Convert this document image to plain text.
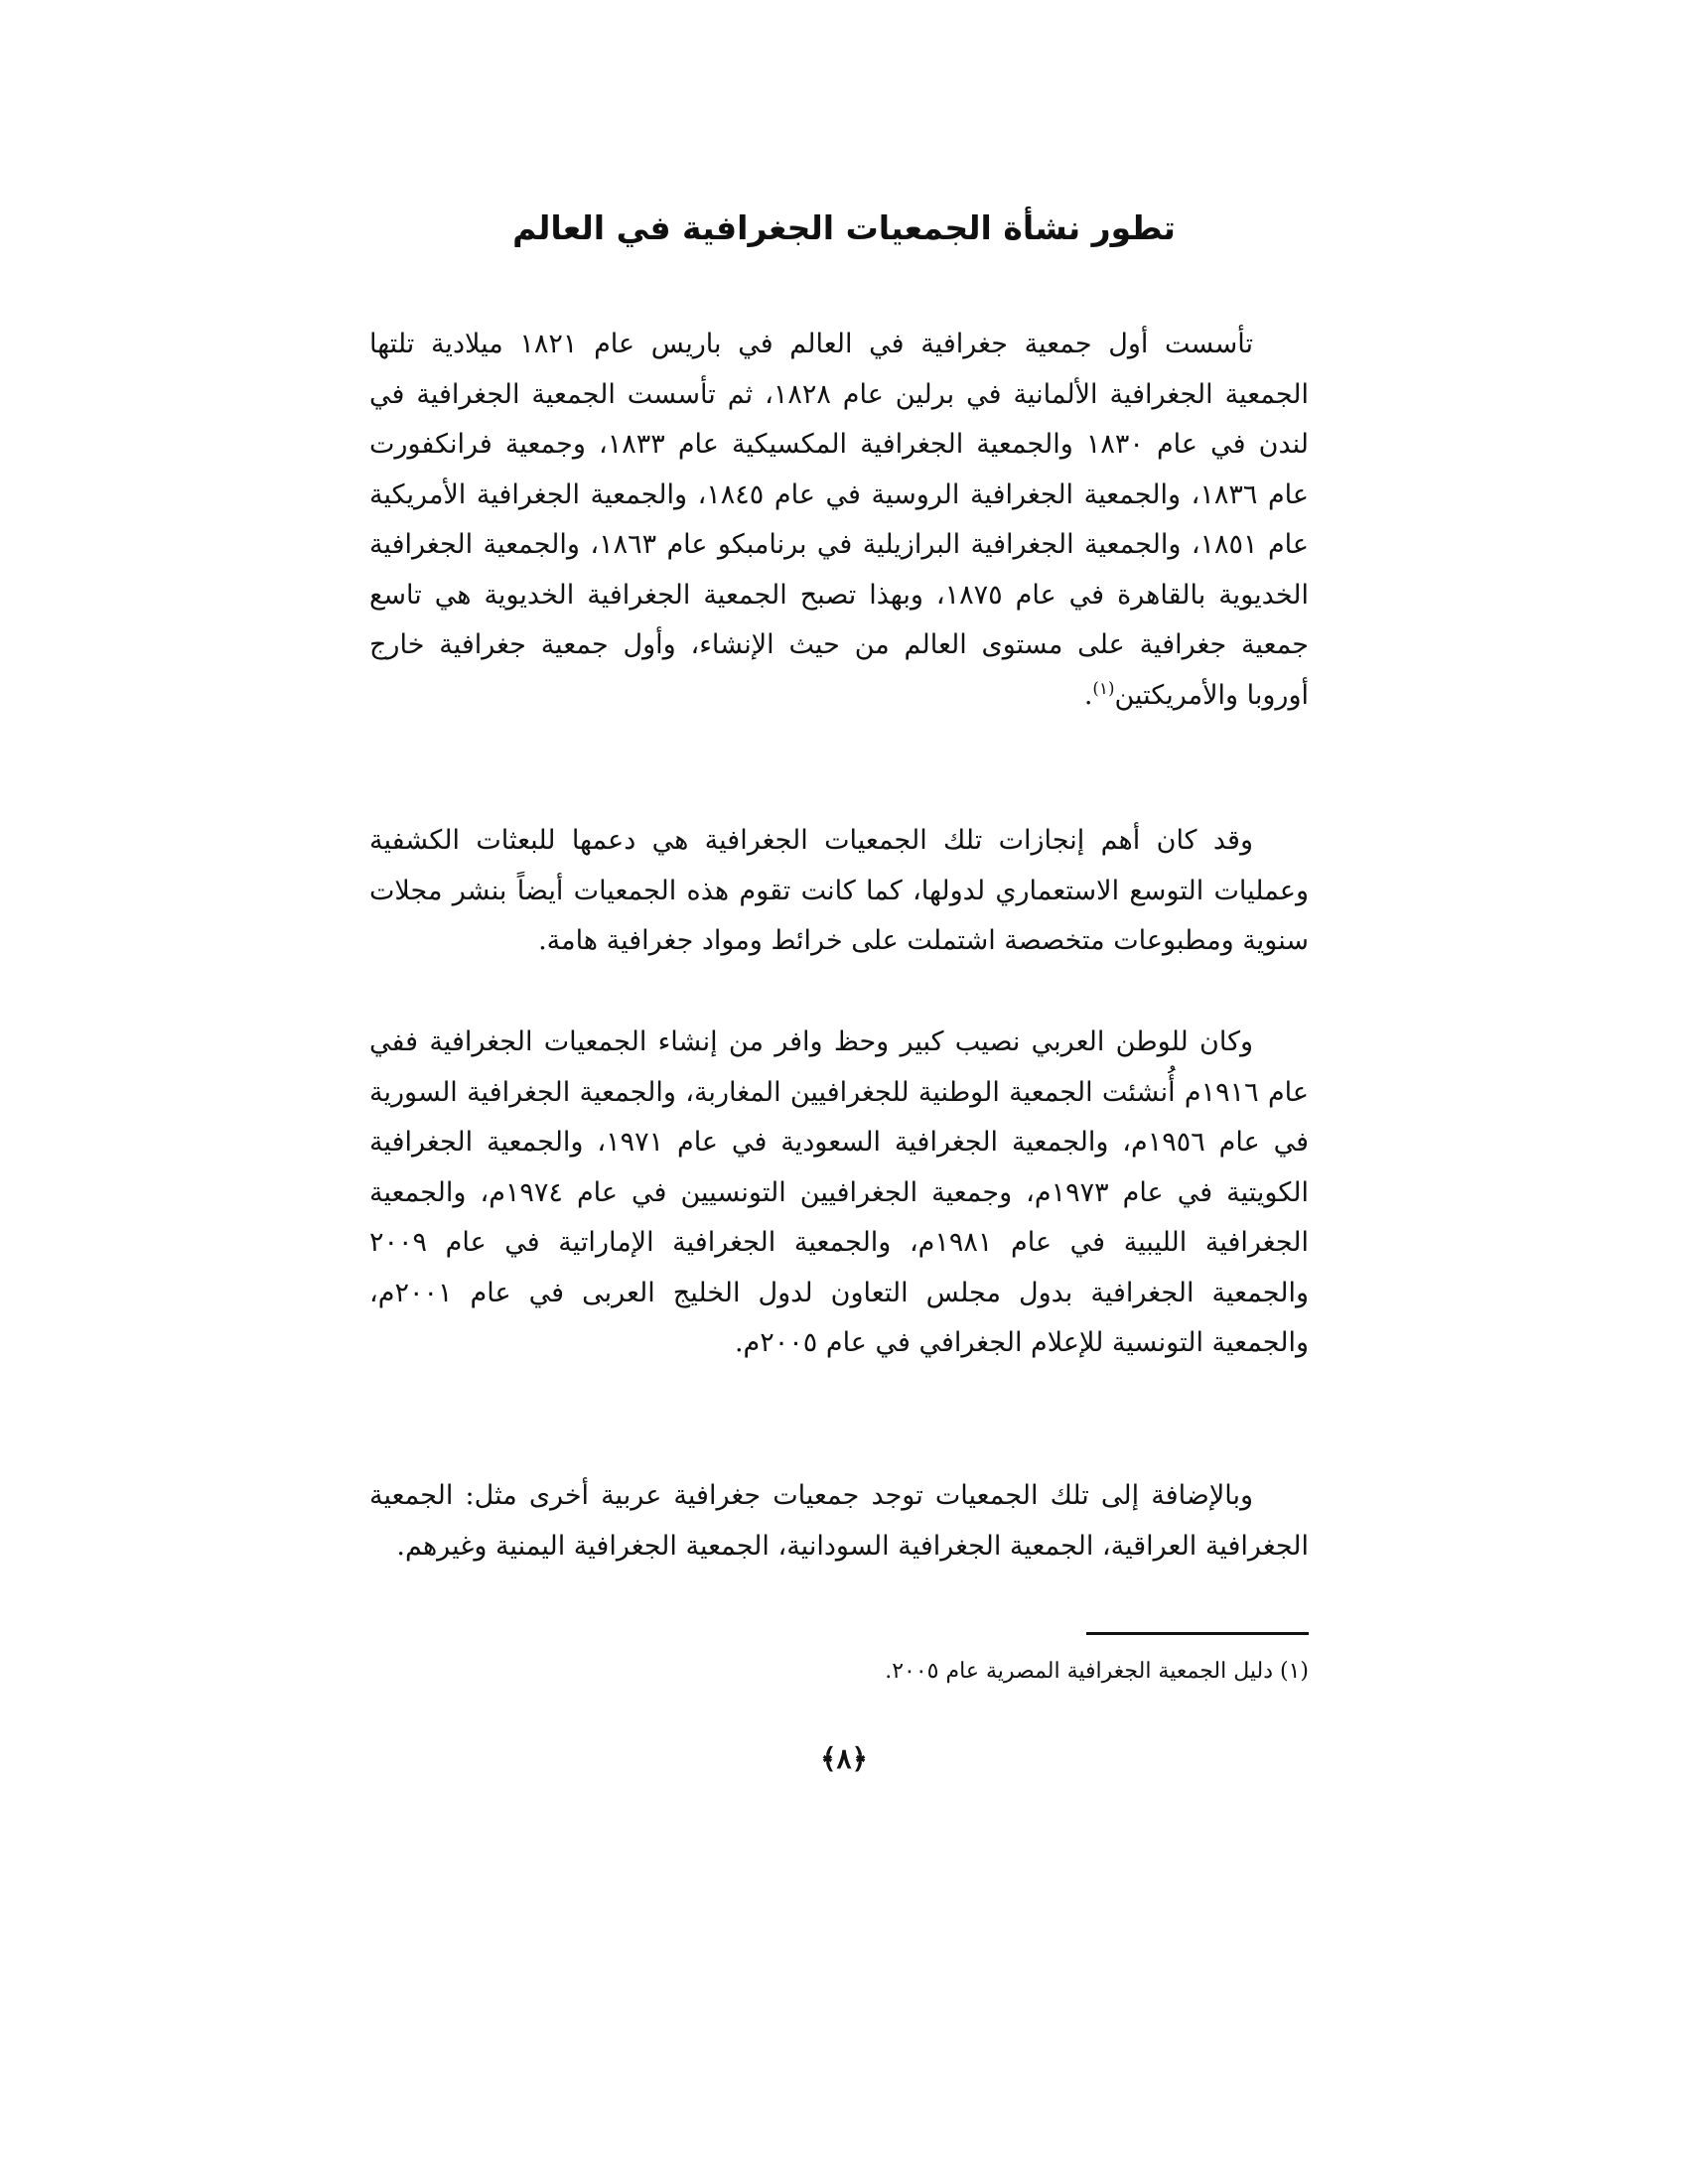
تطور نشأة الجمعيات الجغرافية في العالم

تأسست أول جمعية جغرافية في العالم في باريس عام ١٨٢١ ميلادية تلتها الجمعية الجغرافية الألمانية في برلين عام ١٨٢٨، ثم تأسست الجمعية الجغرافية في لندن في عام ١٨٣٠ والجمعية الجغرافية المكسيكية عام ١٨٣٣، وجمعية فرانكفورت عام ١٨٣٦، والجمعية الجغرافية الروسية في عام ١٨٤٥، والجمعية الجغرافية الأمريكية عام ١٨٥١، والجمعية الجغرافية البرازيلية في برنامبكو عام ١٨٦٣، والجمعية الجغرافية الخديوية بالقاهرة في عام ١٨٧٥، وبهذا تصبح الجمعية الجغرافية الخديوية هي تاسع جمعية جغرافية على مستوى العالم من حيث الإنشاء، وأول جمعية جغرافية خارج أوروبا والأمريكتين$^{(١)}$.

وقد كان أهم إنجازات تلك الجمعيات الجغرافية هي دعمها للبعثات الكشفية وعمليات التوسع الاستعماري لدولها، كما كانت تقوم هذه الجمعيات أيضاً بنشر مجلات سنوية ومطبوعات متخصصة اشتملت على خرائط ومواد جغرافية هامة.

وكان للوطن العربي نصيب كبير وحظ وافر من إنشاء الجمعيات الجغرافية ففي عام ١٩١٦م أُنشئت الجمعية الوطنية للجغرافيين المغاربة، والجمعية الجغرافية السورية في عام ١٩٥٦م، والجمعية الجغرافية السعودية في عام ١٩٧١، والجمعية الجغرافية الكويتية في عام ١٩٧٣م، وجمعية الجغرافيين التونسيين في عام ١٩٧٤م، والجمعية الجغرافية الليبية في عام ١٩٨١م، والجمعية الجغرافية الإماراتية في عام ٢٠٠٩ والجمعية الجغرافية بدول مجلس التعاون لدول الخليج العربى في عام ٢٠٠١م، والجمعية التونسية للإعلام الجغرافي في عام ٢٠٠٥م.

وبالإضافة إلى تلك الجمعيات توجد جمعيات جغرافية عربية أخرى مثل: الجمعية الجغرافية العراقية، الجمعية الجغرافية السودانية، الجمعية الجغرافية اليمنية وغيرهم.

(١) دليل الجمعية الجغرافية المصرية عام ٢٠٠٥.

﴿٨﴾
